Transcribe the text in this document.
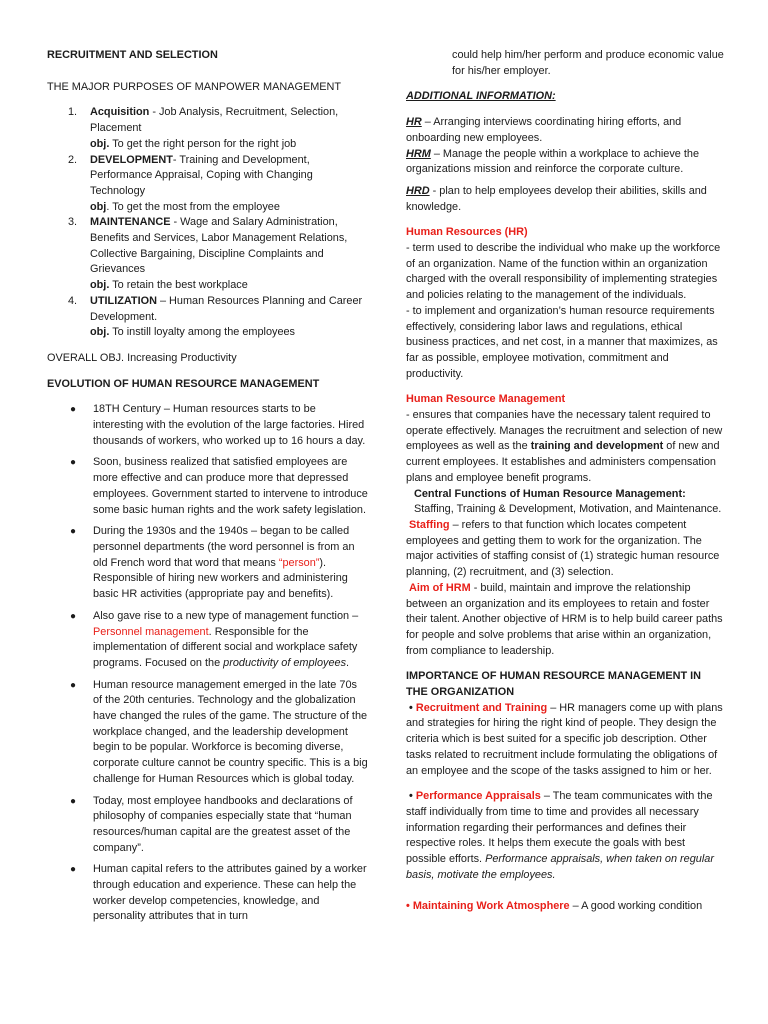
RECRUITMENT AND SELECTION

THE MAJOR PURPOSES OF MANPOWER MANAGEMENT

1. Acquisition - Job Analysis, Recruitment, Selection, Placement
obj. To get the right person for the right job
2. DEVELOPMENT- Training and Development, Performance Appraisal, Coping with Changing Technology
obj. To get the most from the employee
3. MAINTENANCE - Wage and Salary Administration, Benefits and Services, Labor Management Relations, Collective Bargaining, Discipline Complaints and Grievances
obj. To retain the best workplace
4. UTILIZATION – Human Resources Planning and Career Development.
obj. To instill loyalty among the employees

OVERALL OBJ. Increasing Productivity

EVOLUTION OF HUMAN RESOURCE MANAGEMENT

● 18TH Century – Human resources starts to be interesting with the evolution of the large factories. Hired thousands of workers, who worked up to 16 hours a day.
● Soon, business realized that satisfied employees are more effective and can produce more that depressed employees. Government started to intervene to introduce some basic human rights and the work safety legislation.
● During the 1930s and the 1940s – began to be called personnel departments (the word personnel is from an old French word that word that means “person”). Responsible of hiring new workers and administering basic HR activities (appropriate pay and benefits).
● Also gave rise to a new type of management function – Personnel management. Responsible for the implementation of different social and workplace safety programs. Focused on the productivity of employees.
● Human resource management emerged in the late 70s of the 20th centuries. Technology and the globalization have changed the rules of the game. The structure of the workplace changed, and the leadership development begin to be popular. Workforce is becoming diverse, corporate culture cannot be country specific. This is a big challenge for Human Resources which is global today.
● Today, most employee handbooks and declarations of philosophy of companies especially state that “human resources/human capital are the greatest asset of the company”.
● Human capital refers to the attributes gained by a worker through education and experience. These can help the worker develop competencies, knowledge, and personality attributes that in turn

could help him/her perform and produce economic value for his/her employer.

ADDITIONAL INFORMATION:

HR – Arranging interviews coordinating hiring efforts, and onboarding new employees.

HRM – Manage the people within a workplace to achieve the organizations mission and reinforce the corporate culture.

HRD - plan to help employees develop their abilities, skills and knowledge.

Human Resources (HR)

- term used to describe the individual who make up the workforce of an organization. Name of the function within an organization charged with the overall responsibility of implementing strategies and policies relating to the management of the individuals.

- to implement and organization’s human resource requirements effectively, considering labor laws and regulations, ethical business practices, and net cost, in a manner that maximizes, as far as possible, employee motivation, commitment and productivity.

Human Resource Management

- ensures that companies have the necessary talent required to operate effectively. Manages the recruitment and selection of new employees as well as the training and development of new and current employees. It establishes and administers compensation plans and employee benefit programs.

Central Functions of Human Resource Management:

Staffing, Training & Development, Motivation, and Maintenance.

Staffing – refers to that function which locates competent employees and getting them to work for the organization. The major activities of staffing consist of (1) strategic human resource planning, (2) recruitment, and (3) selection.

Aim of HRM - build, maintain and improve the relationship between an organization and its employees to retain and foster their talent. Another objective of HRM is to help build career paths for people and solve problems that arise within an organization, from compliance to leadership.

IMPORTANCE OF HUMAN RESOURCE MANAGEMENT IN THE ORGANIZATION

• Recruitment and Training – HR managers come up with plans and strategies for hiring the right kind of people. They design the criteria which is best suited for a specific job description. Other tasks related to recruitment include formulating the obligations of an employee and the scope of the tasks assigned to him or her.

• Performance Appraisals – The team communicates with the staff individually from time to time and provides all necessary information regarding their performances and defines their respective roles. It helps them execute the goals with best possible efforts. Performance appraisals, when taken on regular basis, motivate the employees.

• Maintaining Work Atmosphere – A good working condition
